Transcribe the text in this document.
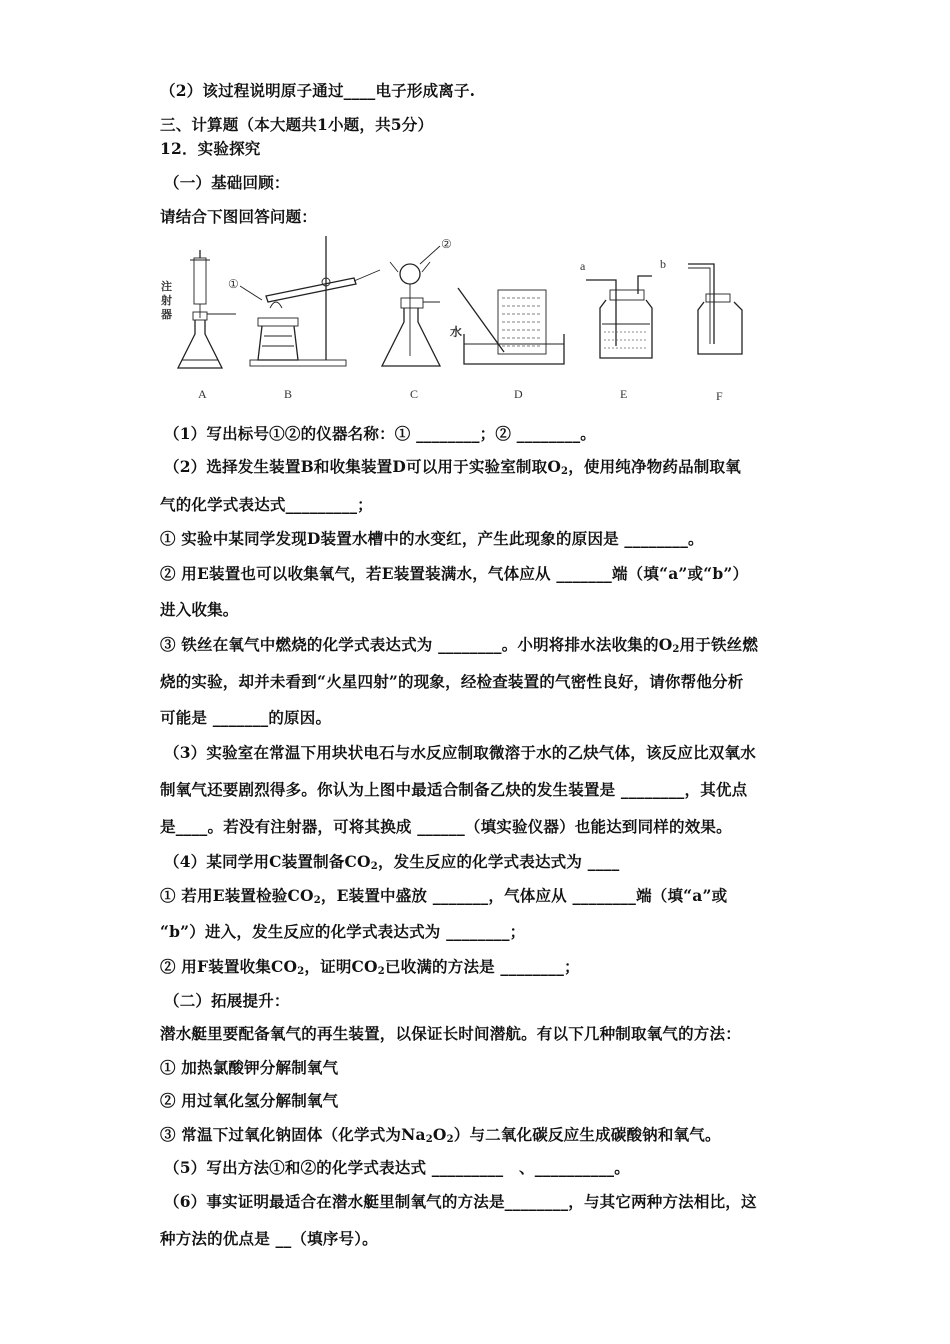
（2）该过程说明原子通过____电子形成离子.
三、计算题（本大题共1小题，共5分）
12．实验探究
（一）基础回顾：
请结合下图回答问题：
注
射
器
A
①
B
②
C
水
D
a	b
E	F
（1）写出标号①②的仪器名称：① ________；② ________。
（2）选择发生装置B和收集装置D可以用于实验室制取$O_2$，使用纯净物药品制取氧
气的化学式表达式_________；
① 实验中某同学发现D装置水槽中的水变红，产生此现象的原因是 ________。
② 用E装置也可以收集氧气，若E装置装满水，气体应从 _______端（填“a”或“b”）
进入收集。
③ 铁丝在氧气中燃烧的化学式表达式为 ________。小明将排水法收集的$O_2$用于铁丝燃
烧的实验，却并未看到“火星四射”的现象，经检查装置的气密性良好，请你帮他分析
可能是 _______的原因。
（3）实验室在常温下用块状电石与水反应制取微溶于水的乙炔气体，该反应比双氧水
制氧气还要剧烈得多。你认为上图中最适合制备乙炔的发生装置是 ________，其优点
是____。若没有注射器，可将其换成 ______（填实验仪器）也能达到同样的效果。
（4）某同学用C装置制备$CO_2$，发生反应的化学式表达式为 ____
① 若用E装置检验$CO_2$，E装置中盛放 _______，气体应从 ________端（填“a”或
“b”）进入，发生反应的化学式表达式为 ________；
② 用F装置收集$CO_2$，证明$CO_2$已收满的方法是 ________；
（二）拓展提升：
潜水艇里要配备氧气的再生装置，以保证长时间潜航。有以下几种制取氧气的方法：
① 加热氯酸钾分解制氧气
② 用过氧化氢分解制氧气
③ 常温下过氧化钠固体（化学式为$Na_2O_2$）与二氧化碳反应生成碳酸钠和氧气。
（5）写出方法①和②的化学式表达式 _________　、__________。
（6）事实证明最适合在潜水艇里制氧气的方法是________，与其它两种方法相比，这
种方法的优点是 __（填序号）。
